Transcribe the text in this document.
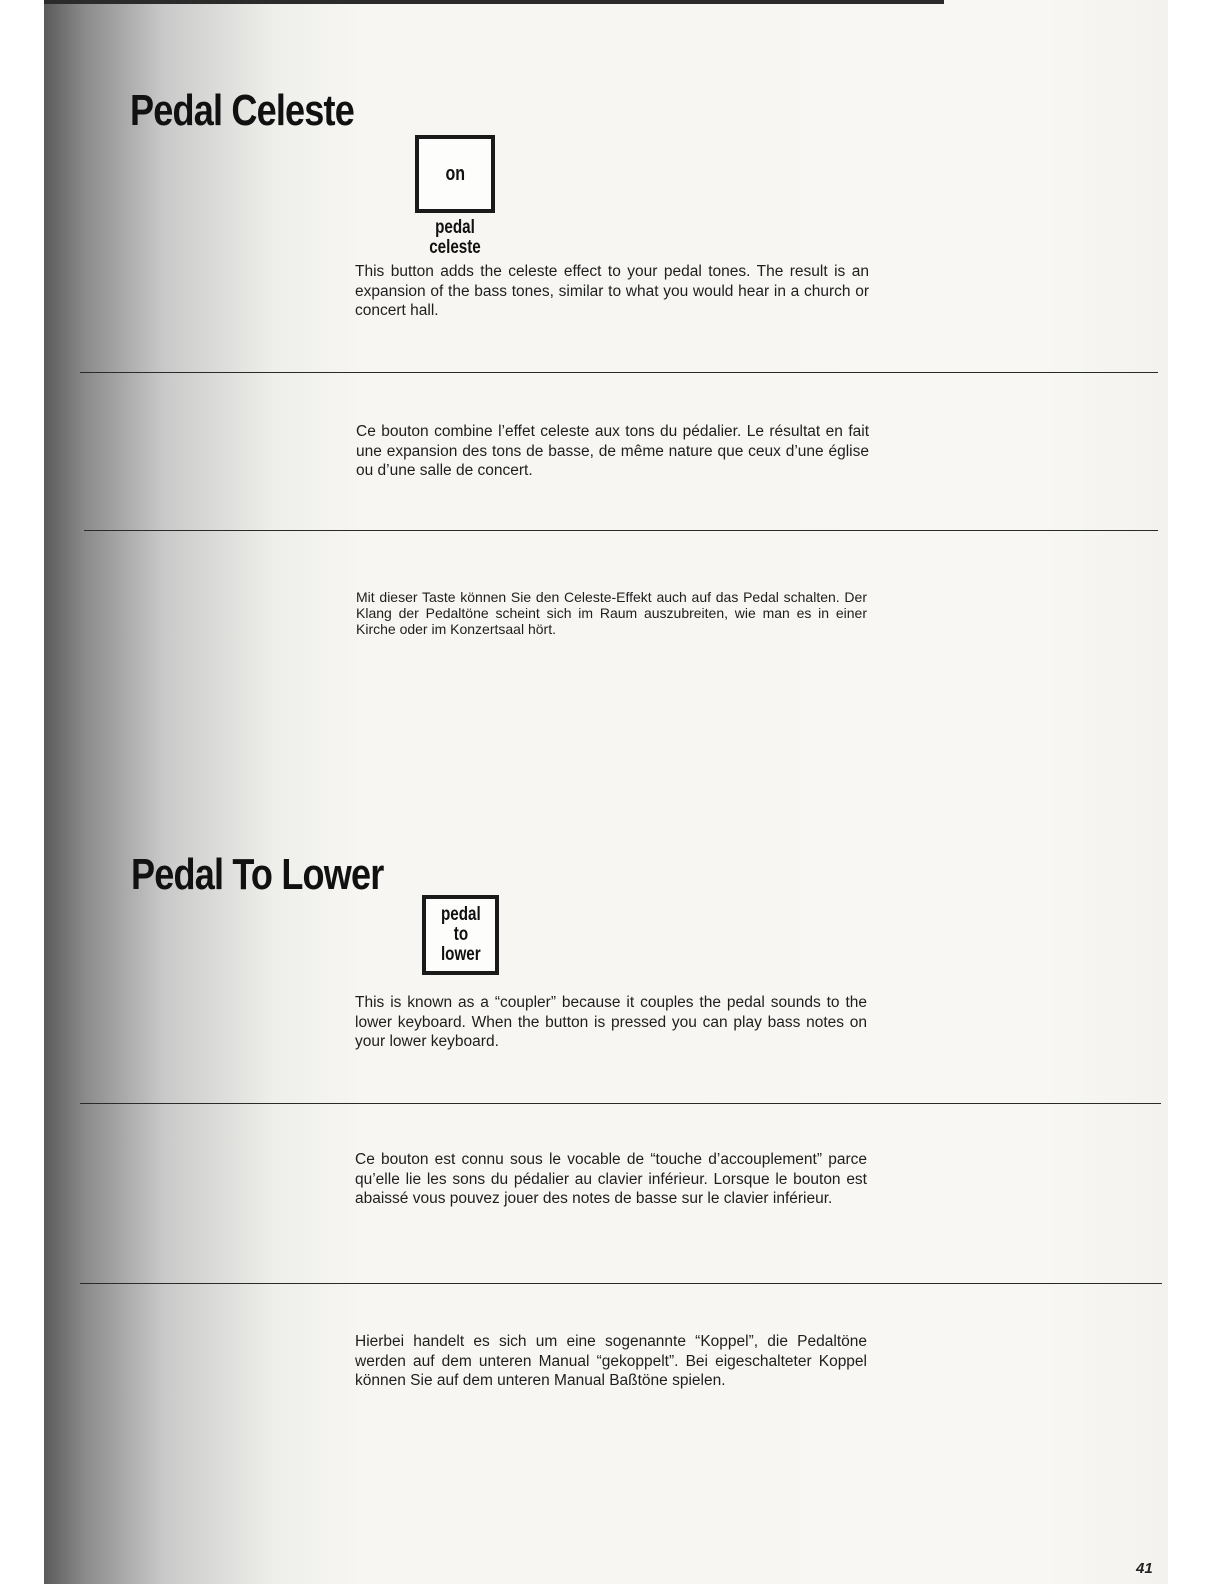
Pedal Celeste
on
pedal
celeste

This button adds the celeste effect to your pedal tones. The result is an expansion of the bass tones, similar to what you would hear in a church or concert hall.

Ce bouton combine l’effet celeste aux tons du pédalier. Le résultat en fait une expansion des tons de basse, de même nature que ceux d’une église ou d’une salle de concert.

Mit dieser Taste können Sie den Celeste-Effekt auch auf das Pedal schalten. Der Klang der Pedaltöne scheint sich im Raum auszubreiten, wie man es in einer Kirche oder im Konzertsaal hört.

Pedal To Lower
pedal
to
lower

This is known as a “coupler” because it couples the pedal sounds to the lower keyboard. When the button is pressed you can play bass notes on your lower keyboard.

Ce bouton est connu sous le vocable de “touche d’accouplement” parce qu’elle lie les sons du pédalier au clavier inférieur. Lorsque le bouton est abaissé vous pouvez jouer des notes de basse sur le clavier inférieur.

Hierbei handelt es sich um eine sogenannte “Koppel”, die Pedaltöne werden auf dem unteren Manual “gekoppelt”. Bei eigeschalteter Koppel können Sie auf dem unteren Manual Baßtöne spielen.

41
